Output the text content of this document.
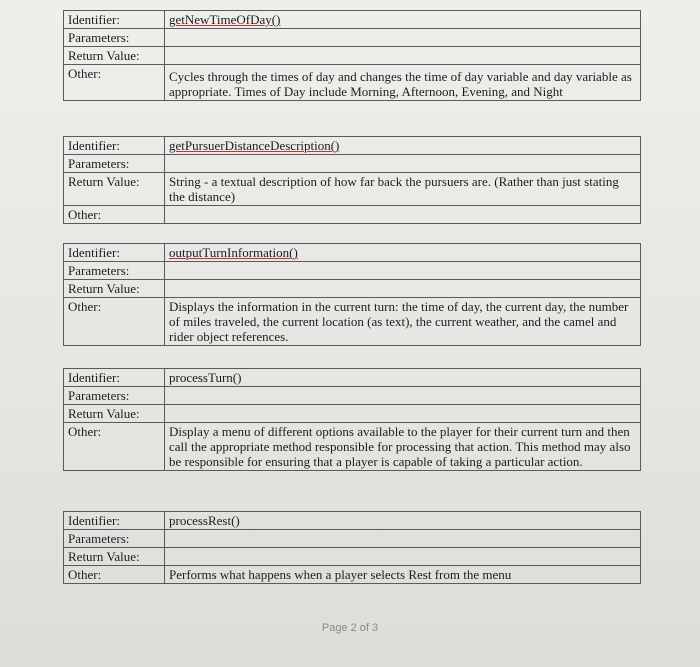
Identifier:	getNewTimeOfDay()
Parameters:	
Return Value:	
Other:	Cycles through the times of day and changes the time of day variable and day variable as appropriate. Times of Day include Morning, Afternoon, Evening, and Night
Identifier:	getPursuerDistanceDescription()
Parameters:	
Return Value:	String - a textual description of how far back the pursuers are. (Rather than just stating the distance)
Other:	
Identifier:	outputTurnInformation()
Parameters:	
Return Value:	
Other:	Displays the information in the current turn: the time of day, the current day, the number of miles traveled, the current location (as text), the current weather, and the camel and rider object references.
Identifier:	processTurn()
Parameters:	
Return Value:	
Other:	Display a menu of different options available to the player for their current turn and then call the appropriate method responsible for processing that action. This method may also be responsible for ensuring that a player is capable of taking a particular action.
Identifier:	processRest()
Parameters:	
Return Value:	
Other:	Performs what happens when a player selects Rest from the menu
Page 2 of 3
